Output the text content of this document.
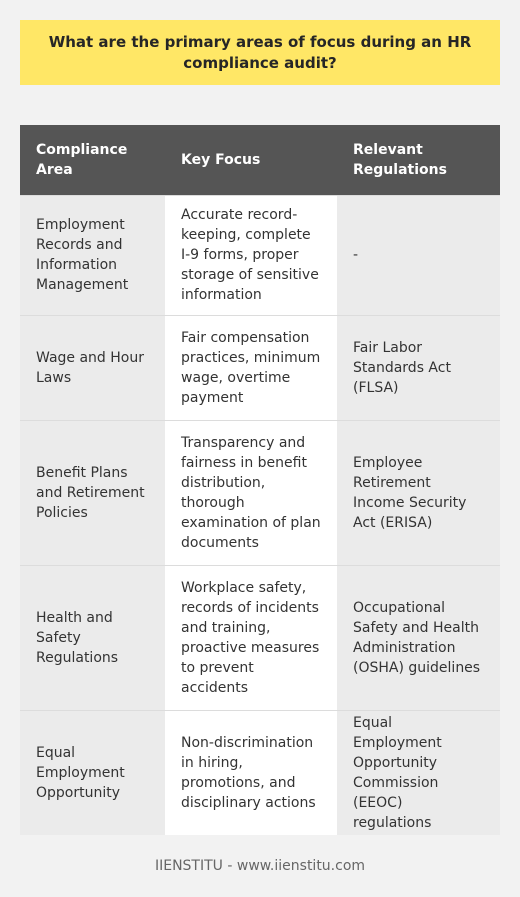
What are the primary areas of focus during an HR compliance audit?
Compliance Area	Key Focus	Relevant Regulations
Employment Records and Information Management	Accurate record-keeping, complete I-9 forms, proper storage of sensitive information	-
Wage and Hour Laws	Fair compensation practices, minimum wage, overtime payment	Fair Labor Standards Act (FLSA)
Benefit Plans and Retirement Policies	Transparency and fairness in benefit distribution, thorough examination of plan documents	Employee Retirement Income Security Act (ERISA)
Health and Safety Regulations	Workplace safety, records of incidents and training, proactive measures to prevent accidents	Occupational Safety and Health Administration (OSHA) guidelines
Equal Employment Opportunity	Non-discrimination in hiring, promotions, and disciplinary actions	Equal Employment Opportunity Commission (EEOC) regulations
IIENSTITU - www.iienstitu.com
